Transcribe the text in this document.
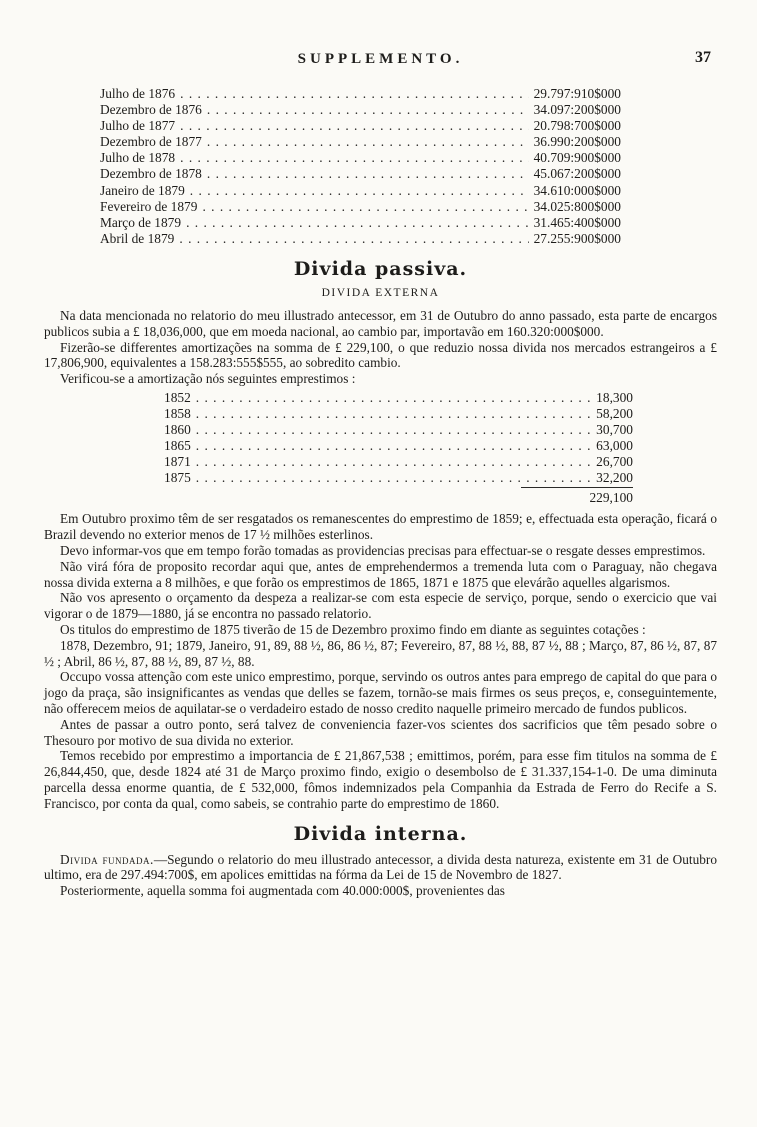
SUPPLEMENTO.	37
Julho de 1876 . . .	29.797:910$000
Dezembro de 1876 . . .	34.097:200$000
Julho de 1877 . . .	20.798:700$000
Dezembro de 1877 . . .	36.990:200$000
Julho de 1878 . . .	40.709:900$000
Dezembro de 1878 . . .	45.067:200$000
Janeiro de 1879 . . .	34.610:000$000
Fevereiro de 1879 . . .	34.025:800$000
Março de 1879 . . .	31.465:400$000
Abril de 1879 . . .	27.255:900$000
Divida passiva.
DIVIDA EXTERNA

Na data mencionada no relatorio do meu illustrado antecessor, em 31 de Outubro do anno passado, esta parte de encargos publicos subia a £ 18,036,000, que em moeda nacional, ao cambio par, importavão em 160.320:000$000.

Fizerão-se differentes amortizações na somma de £ 229,100, o que reduzio nossa divida nos mercados estrangeiros a £ 17,806,900, equivalentes a 158.283:555$555, ao sobredito cambio.

Verificou-se a amortização nós seguintes emprestimos :

1852 . . .	18,300
1858 . . .	58,200
1860 . . .	30,700
1865 . . .	63,000
1871 . . .	26,700
1875 . . .	32,200
229,100

Em Outubro proximo têm de ser resgatados os remanescentes do emprestimo de 1859; e, effectuada esta operação, ficará o Brazil devendo no exterior menos de 17 ½ milhões esterlinos.

Devo informar-vos que em tempo forão tomadas as providencias precisas para effectuar-se o resgate desses emprestimos.

Não virá fóra de proposito recordar aqui que, antes de emprehendermos a tremenda luta com o Paraguay, não chegava nossa divida externa a 8 milhões, e que forão os emprestimos de 1865, 1871 e 1875 que elevárão aquelles algarismos.

Não vos apresento o orçamento da despeza a realizar-se com esta especie de serviço, porque, sendo o exercicio que vai vigorar o de 1879—1880, já se encontra no passado relatorio.

Os titulos do emprestimo de 1875 tiverão de 15 de Dezembro proximo findo em diante as seguintes cotações :

1878, Dezembro, 91; 1879, Janeiro, 91, 89, 88 ½, 86, 86 ½, 87; Fevereiro, 87, 88 ½, 88, 87 ½, 88 ; Março, 87, 86 ½, 87, 87 ½ ; Abril, 86 ½, 87, 88 ½, 89, 87 ½, 88.

Occupo vossa attenção com este unico emprestimo, porque, servindo os outros antes para emprego de capital do que para o jogo da praça, são insignificantes as vendas que delles se fazem, tornão-se mais firmes os seus preços, e, conseguintemente, não offerecem meios de aquilatar-se o verdadeiro estado de nosso credito naquelle primeiro mercado de fundos publicos.

Antes de passar a outro ponto, será talvez de conveniencia fazer-vos scientes dos sacrificios que têm pesado sobre o Thesouro por motivo de sua divida no exterior.

Temos recebido por emprestimo a importancia de £ 21,867,538 ; emittimos, porém, para esse fim titulos na somma de £ 26,844,450, que, desde 1824 até 31 de Março proximo findo, exigio o desembolso de £ 31.337,154-1-0. De uma diminuta parcella dessa enorme quantia, de £ 532,000, fômos indemnizados pela Companhia da Estrada de Ferro do Recife a S. Francisco, por conta da qual, como sabeis, se contrahio parte do emprestimo de 1860.

Divida interna.

Divida fundada.—Segundo o relatorio do meu illustrado antecessor, a divida desta natureza, existente em 31 de Outubro ultimo, era de 297.494:700$, em apolices emittidas na fórma da Lei de 15 de Novembro de 1827.

Posteriormente, aquella somma foi augmentada com 40.000:000$, provenientes das
